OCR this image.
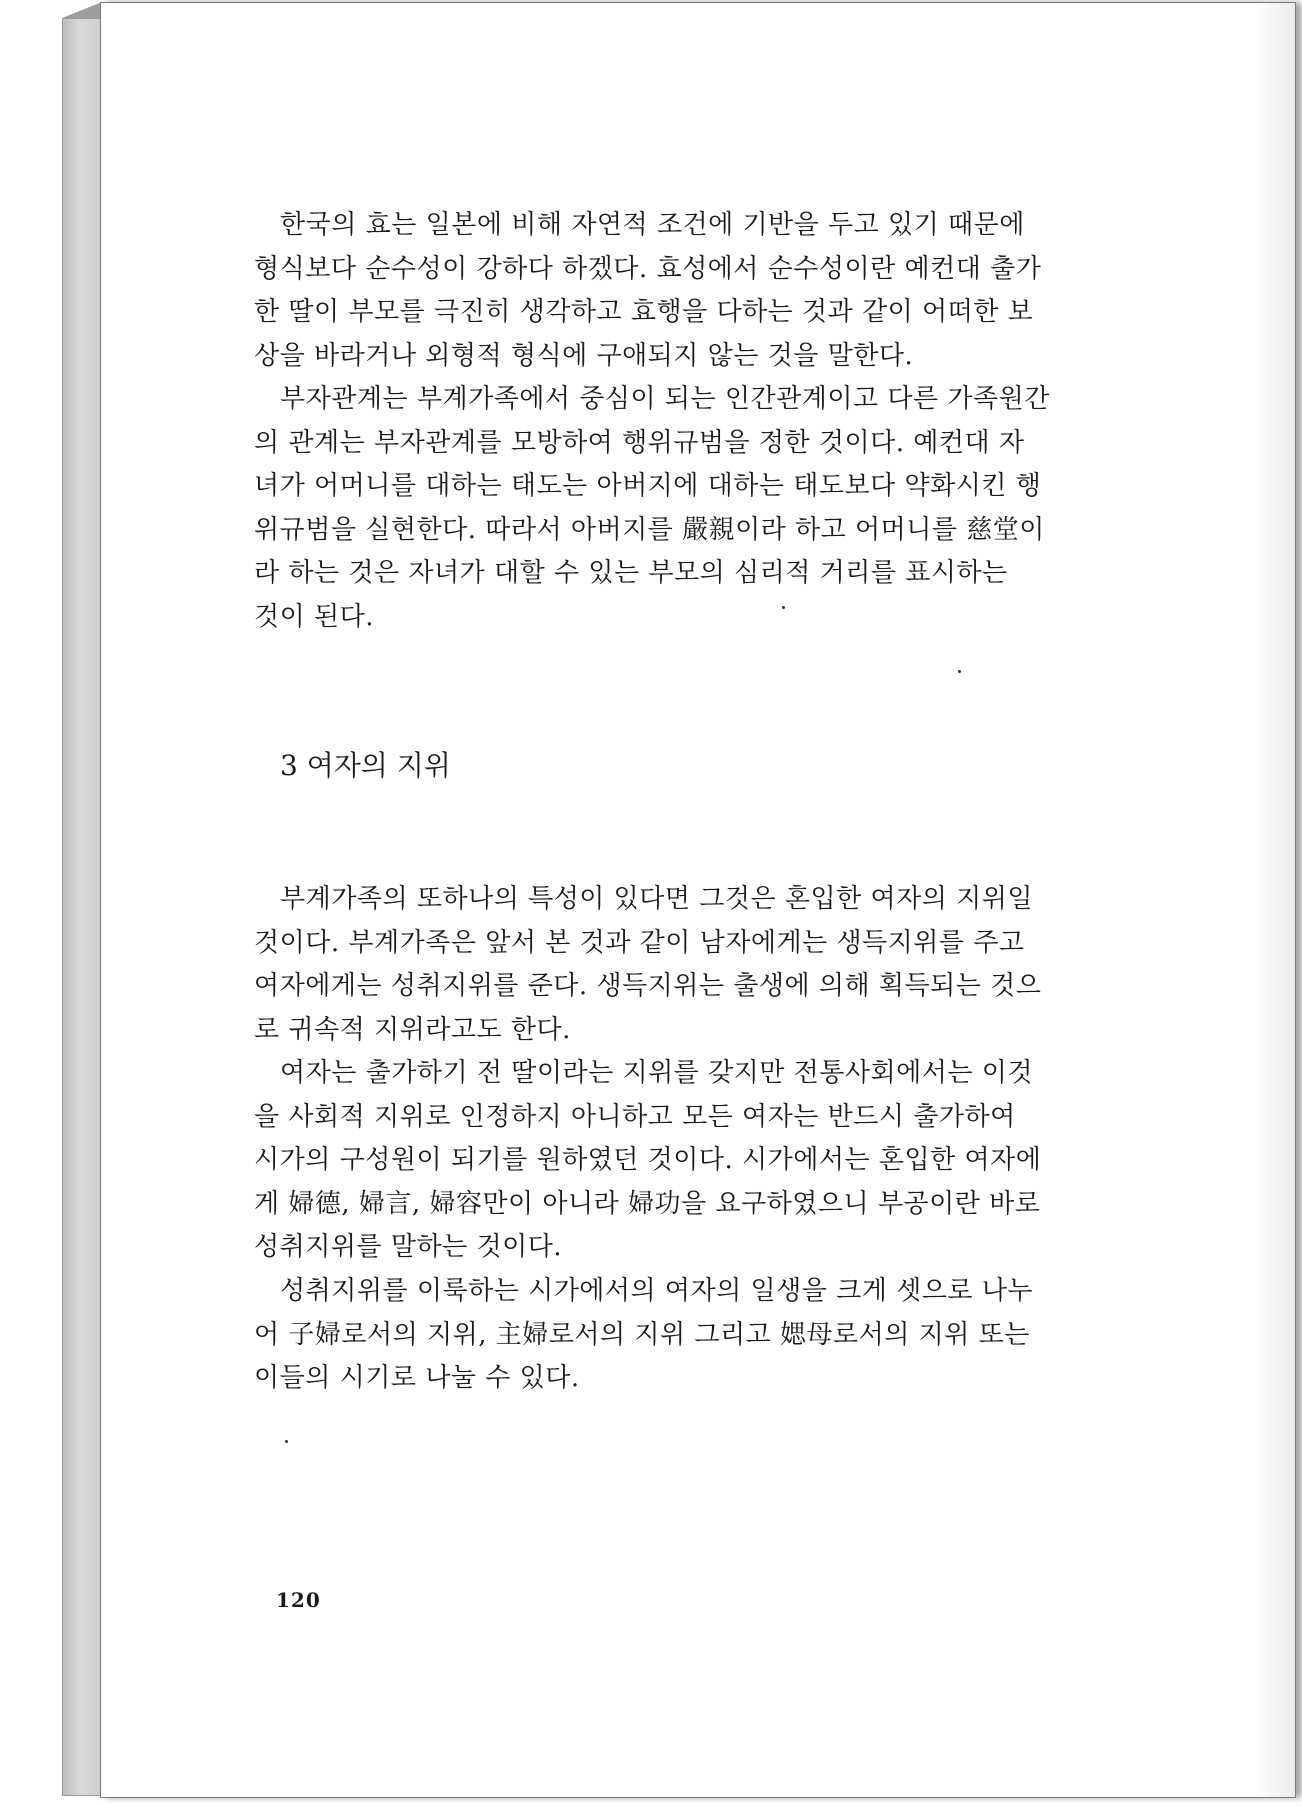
한국의 효는 일본에 비해 자연적 조건에 기반을 두고 있기 때문에
형식보다 순수성이 강하다 하겠다. 효성에서 순수성이란 예컨대 출가
한 딸이 부모를 극진히 생각하고 효행을 다하는 것과 같이 어떠한 보
상을 바라거나 외형적 형식에 구애되지 않는 것을 말한다.

부자관계는 부계가족에서 중심이 되는 인간관계이고 다른 가족원간
의 관계는 부자관계를 모방하여 행위규범을 정한 것이다. 예컨대 자
녀가 어머니를 대하는 태도는 아버지에 대하는 태도보다 약화시킨 행
위규범을 실현한다. 따라서 아버지를 嚴親이라 하고 어머니를 慈堂이
라 하는 것은 자녀가 대할 수 있는 부모의 심리적 거리를 표시하는
것이 된다.

3 여자의 지위

부계가족의 또하나의 특성이 있다면 그것은 혼입한 여자의 지위일
것이다. 부계가족은 앞서 본 것과 같이 남자에게는 생득지위를 주고
여자에게는 성취지위를 준다. 생득지위는 출생에 의해 획득되는 것으
로 귀속적 지위라고도 한다.

여자는 출가하기 전 딸이라는 지위를 갖지만 전통사회에서는 이것
을 사회적 지위로 인정하지 아니하고 모든 여자는 반드시 출가하여
시가의 구성원이 되기를 원하였던 것이다. 시가에서는 혼입한 여자에
게 婦德, 婦言, 婦容만이 아니라 婦功을 요구하였으니 부공이란 바로
성취지위를 말하는 것이다.

성취지위를 이룩하는 시가에서의 여자의 일생을 크게 셋으로 나누
어 子婦로서의 지위, 主婦로서의 지위 그리고 媤母로서의 지위 또는
이들의 시기로 나눌 수 있다.

120
